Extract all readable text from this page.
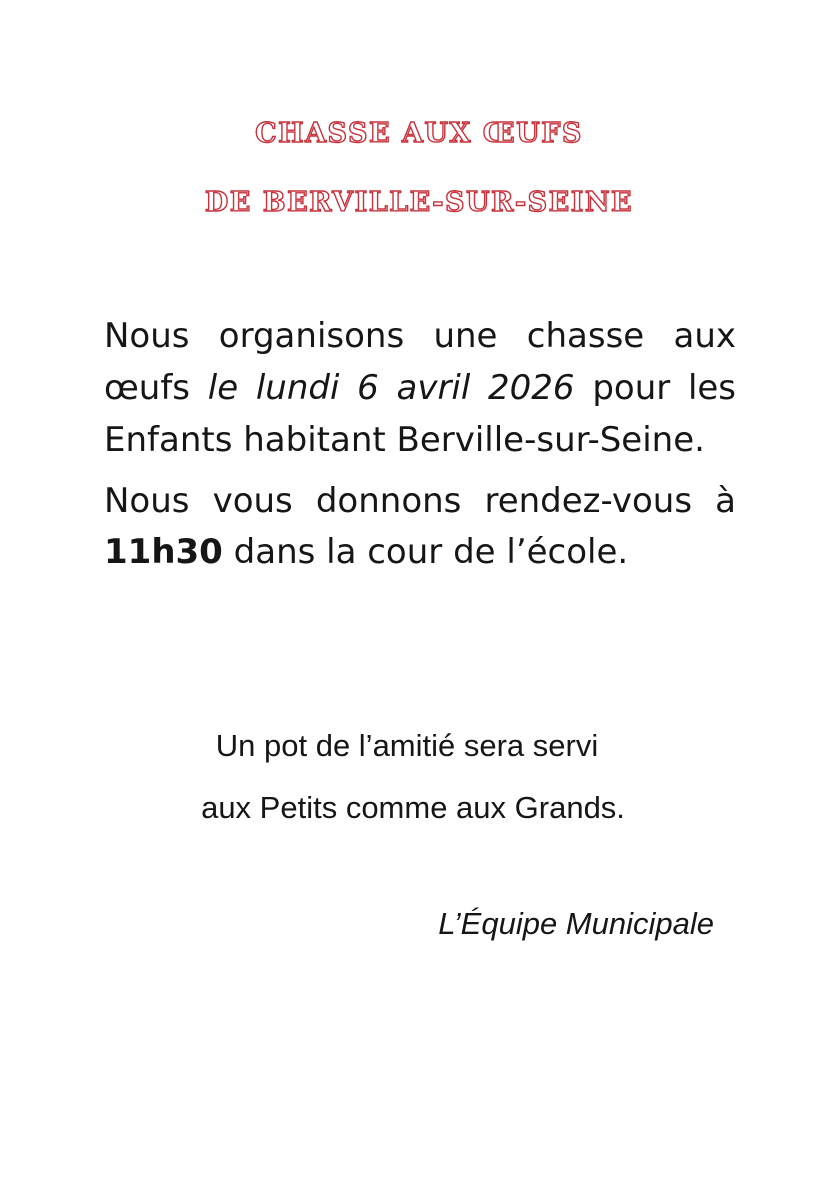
CHASSE AUX ŒUFS
DE BERVILLE-SUR-SEINE
Nous organisons une chasse aux
œufs le lundi 6 avril 2026 pour les
Enfants habitant Berville-sur-Seine.
Nous vous donnons rendez-vous à
11h30 dans la cour de l’école.
Un pot de l’amitié sera servi
aux Petits comme aux Grands.
L’Équipe Municipale
